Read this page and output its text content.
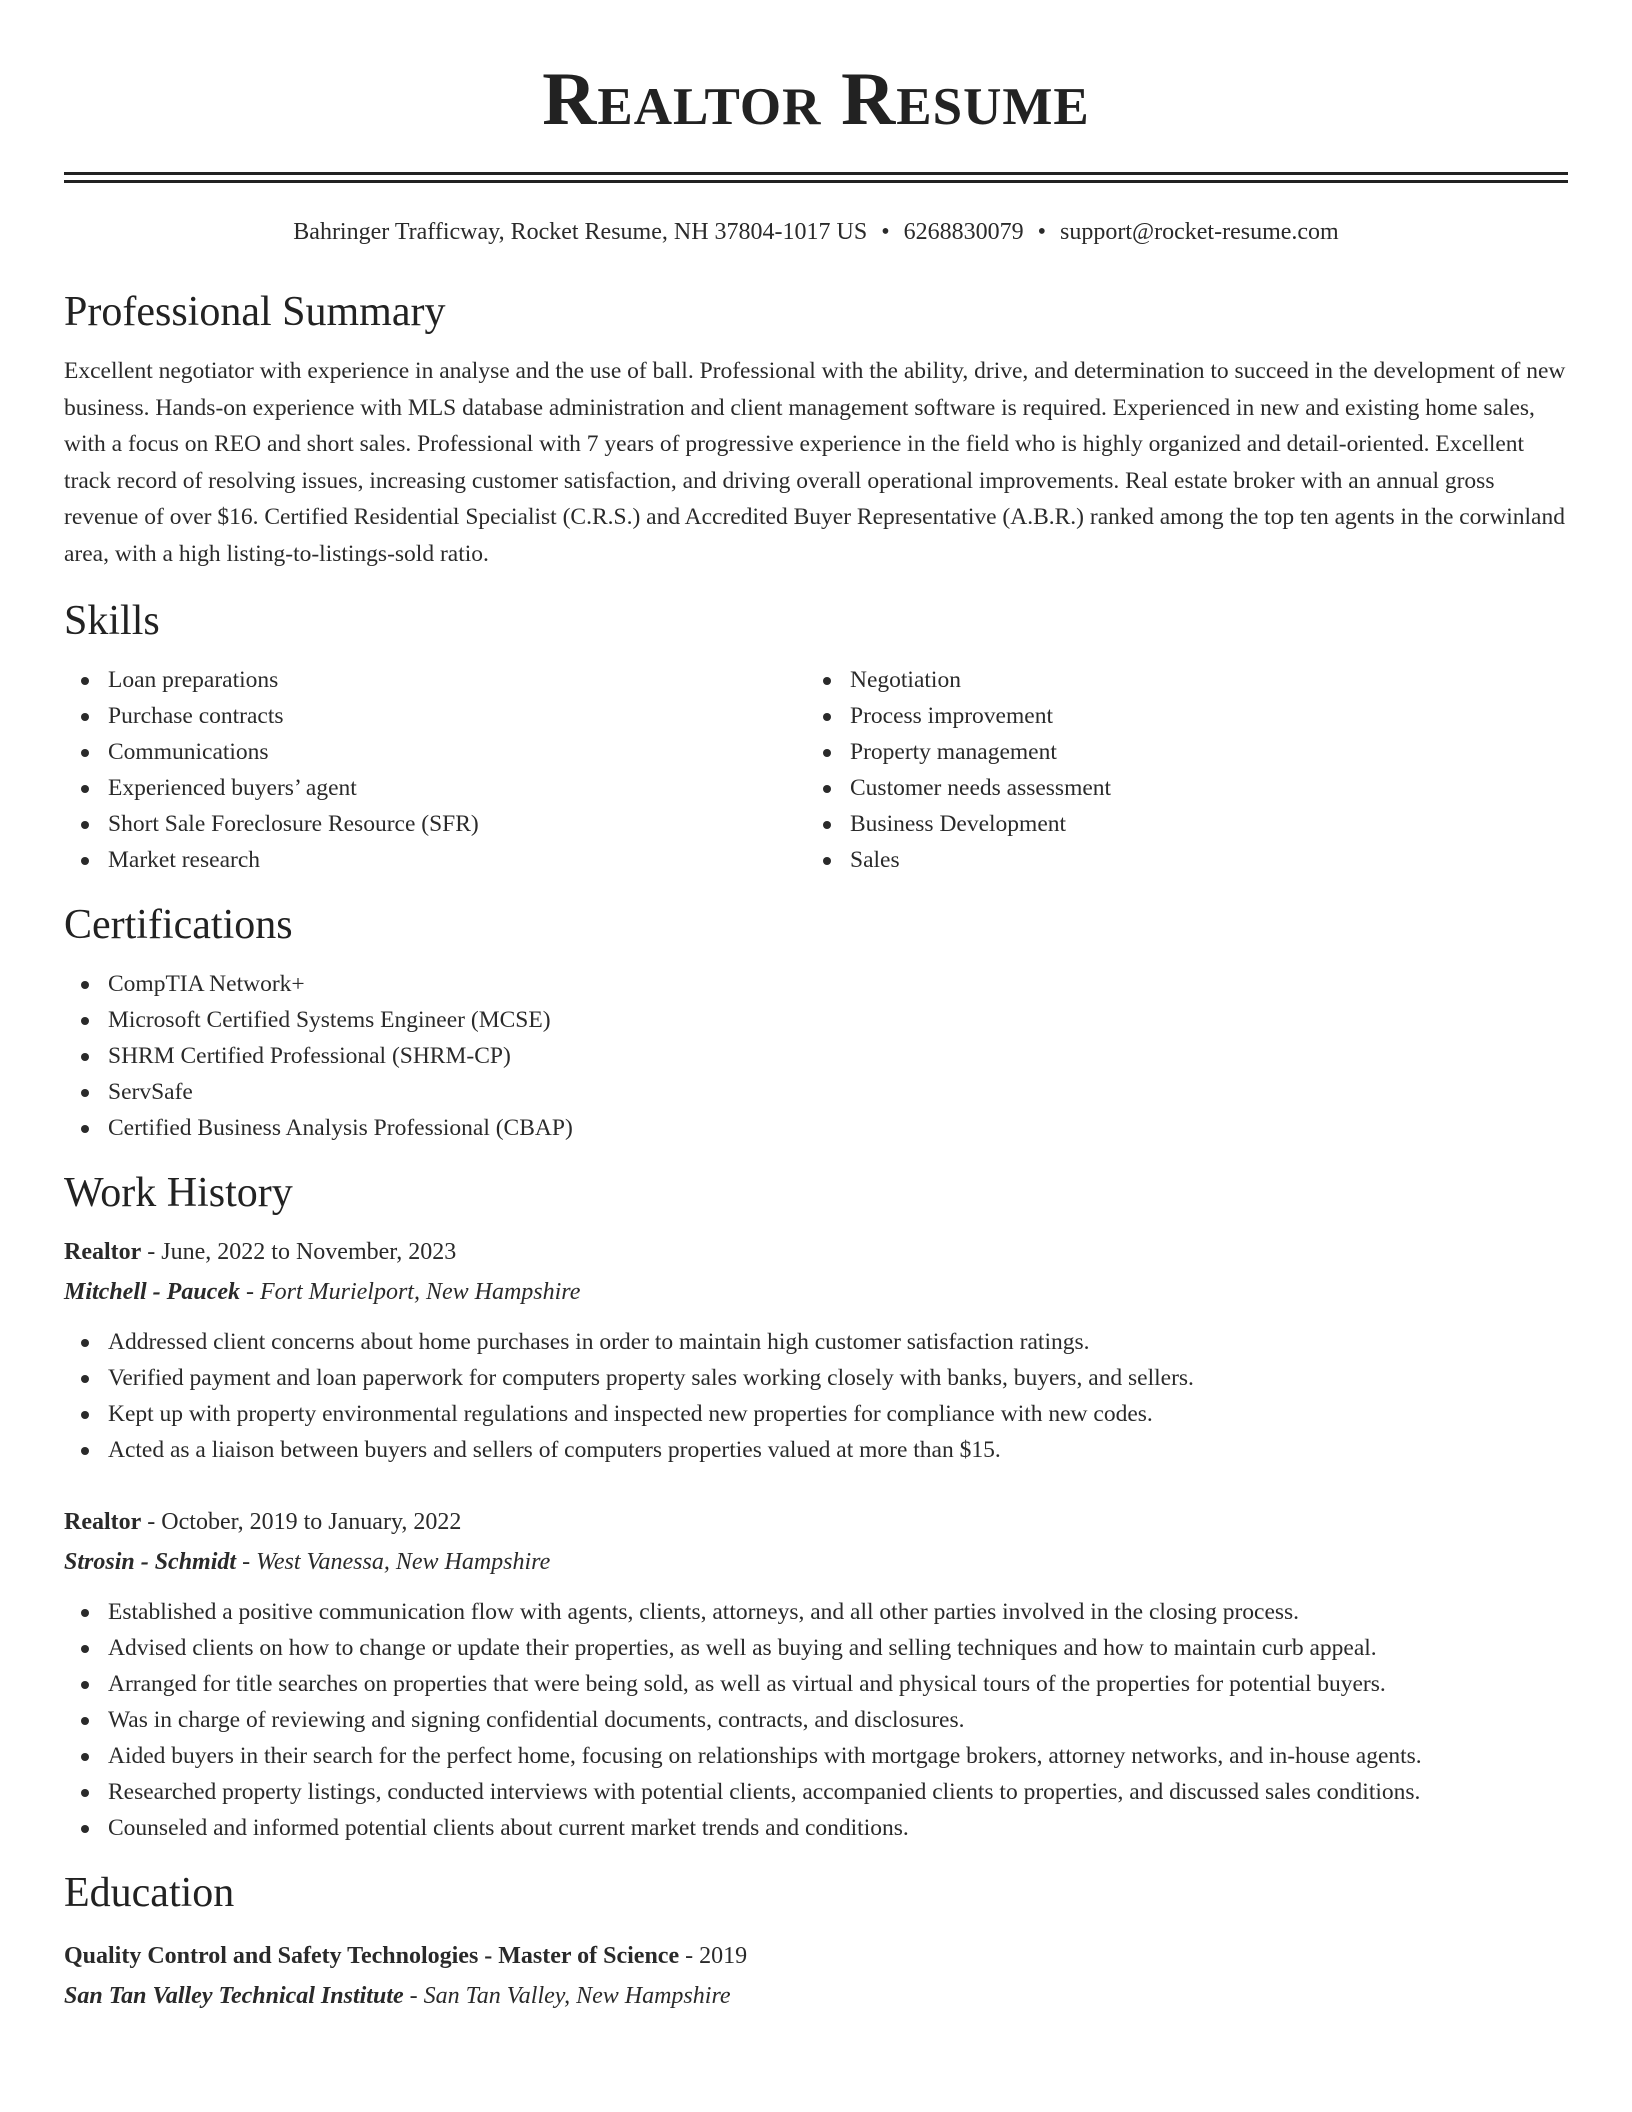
Realtor Resume
Bahringer Trafficway, Rocket Resume, NH 37804-1017 US • 6268830079 • support@rocket-resume.com
Professional Summary

Excellent negotiator with experience in analyse and the use of ball. Professional with the ability, drive, and determination to succeed in the development of new business. Hands-on experience with MLS database administration and client management software is required. Experienced in new and existing home sales, with a focus on REO and short sales. Professional with 7 years of progressive experience in the field who is highly organized and detail-oriented. Excellent track record of resolving issues, increasing customer satisfaction, and driving overall operational improvements. Real estate broker with an annual gross revenue of over $16. Certified Residential Specialist (C.R.S.) and Accredited Buyer Representative (A.B.R.) ranked among the top ten agents in the corwinland area, with a high listing-to-listings-sold ratio.

Skills
Loan preparations
Purchase contracts
Communications
Experienced buyers’ agent
Short Sale Foreclosure Resource (SFR)
Market research
Negotiation
Process improvement
Property management
Customer needs assessment
Business Development
Sales
Certifications
CompTIA Network+
Microsoft Certified Systems Engineer (MCSE)
SHRM Certified Professional (SHRM-CP)
ServSafe
Certified Business Analysis Professional (CBAP)
Work History
Realtor - June, 2022 to November, 2023
Mitchell - Paucek - Fort Murielport, New Hampshire
Addressed client concerns about home purchases in order to maintain high customer satisfaction ratings.
Verified payment and loan paperwork for computers property sales working closely with banks, buyers, and sellers.
Kept up with property environmental regulations and inspected new properties for compliance with new codes.
Acted as a liaison between buyers and sellers of computers properties valued at more than $15.
Realtor - October, 2019 to January, 2022
Strosin - Schmidt - West Vanessa, New Hampshire
Established a positive communication flow with agents, clients, attorneys, and all other parties involved in the closing process.
Advised clients on how to change or update their properties, as well as buying and selling techniques and how to maintain curb appeal.
Arranged for title searches on properties that were being sold, as well as virtual and physical tours of the properties for potential buyers.
Was in charge of reviewing and signing confidential documents, contracts, and disclosures.
Aided buyers in their search for the perfect home, focusing on relationships with mortgage brokers, attorney networks, and in-house agents.
Researched property listings, conducted interviews with potential clients, accompanied clients to properties, and discussed sales conditions.
Counseled and informed potential clients about current market trends and conditions.
Education
Quality Control and Safety Technologies - Master of Science - 2019
San Tan Valley Technical Institute - San Tan Valley, New Hampshire
